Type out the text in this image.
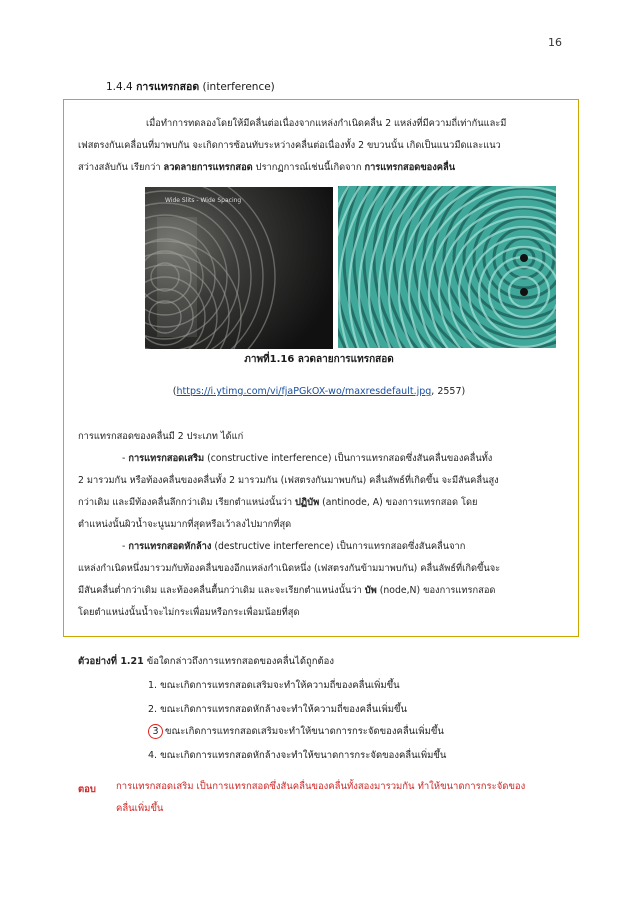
16
1.4.4 การแทรกสอด (interference)
เมื่อทำการทดลองโดยให้มีคลื่นต่อเนื่องจากแหล่งกำเนิดคลื่น 2 แหล่งที่มีความถี่เท่ากันและมี
เฟสตรงกันเคลื่อนที่มาพบกัน จะเกิดการซ้อนทับระหว่างคลื่นต่อเนื่องทั้ง 2 ขบวนนั้น เกิดเป็นแนวมืดและแนว
สว่างสลับกัน เรียกว่า ลวดลายการแทรกสอด ปรากฏการณ์เช่นนี้เกิดจาก การแทรกสอดของคลื่น
Wide Slits - Wide Spacing
ภาพที่1.16 ลวดลายการแทรกสอด
(https://i.ytimg.com/vi/fjaPGkOX-wo/maxresdefault.jpg, 2557)
การแทรกสอดของคลื่นมี 2 ประเภท ได้แก่
- การแทรกสอดเสริม (constructive interference) เป็นการแทรกสอดซึ่งสันคลื่นของคลื่นทั้ง
2 มารวมกัน หรือท้องคลื่นของคลื่นทั้ง 2 มารวมกัน (เฟสตรงกันมาพบกัน) คลื่นลัพธ์ที่เกิดขึ้น จะมีสันคลื่นสูง
กว่าเดิม และมีท้องคลื่นลึกกว่าเดิม เรียกตำแหน่งนั้นว่า ปฏิบัพ (antinode, A) ของการแทรกสอด โดย
ตำแหน่งนั้นผิวน้ำจะนูนมากที่สุดหรือเว้าลงไปมากที่สุด
- การแทรกสอดหักล้าง (destructive interference) เป็นการแทรกสอดซึ่งสันคลื่นจาก
แหล่งกำเนิดหนึ่งมารวมกับท้องคลื่นของอีกแหล่งกำเนิดหนึ่ง (เฟสตรงกันข้ามมาพบกัน) คลื่นลัพธ์ที่เกิดขึ้นจะ
มีสันคลื่นต่ำกว่าเดิม และท้องคลื่นตื้นกว่าเดิม และจะเรียกตำแหน่งนั้นว่า บัพ (node,N) ของการแทรกสอด
โดยตำแหน่งนั้นน้ำจะไม่กระเพื่อมหรือกระเพื่อมน้อยที่สุด
ตัวอย่างที่ 1.21 ข้อใดกล่าวถึงการแทรกสอดของคลื่นได้ถูกต้อง
1. ขณะเกิดการแทรกสอดเสริมจะทำให้ความถี่ของคลื่นเพิ่มขึ้น
2. ขณะเกิดการแทรกสอดหักล้างจะทำให้ความถี่ของคลื่นเพิ่มขึ้น
3 ขณะเกิดการแทรกสอดเสริมจะทำให้ขนาดการกระจัดของคลื่นเพิ่มขึ้น
4. ขณะเกิดการแทรกสอดหักล้างจะทำให้ขนาดการกระจัดของคลื่นเพิ่มขึ้น
ตอบ การแทรกสอดเสริม เป็นการแทรกสอดซึ่งสันคลื่นของคลื่นทั้งสองมารวมกัน ทำให้ขนาดการกระจัดของ
คลื่นเพิ่มขึ้น
